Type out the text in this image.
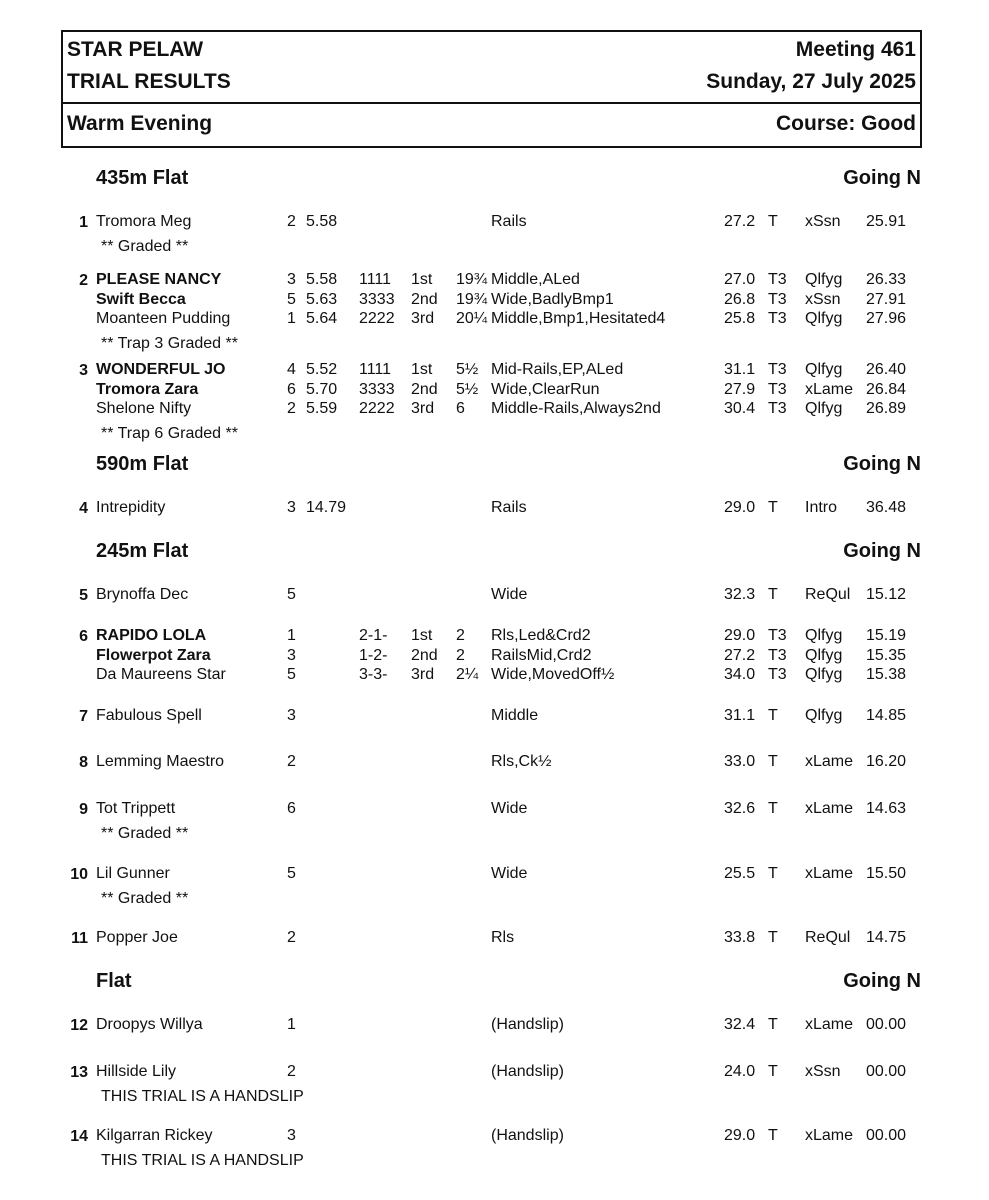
STAR PELAW	Meeting 461
TRIAL RESULTS	Sunday, 27 July 2025
Warm Evening	Course: Good
435m Flat	Going N
590m Flat	Going N
245m Flat	Going N
Flat	Going N
1 Tromora Meg	2 5.58	Rails	27.2 T xSsn 25.91
** Graded **
2 PLEASE NANCY	3 5.58 1111 1st 19¾ Middle,ALed	27.0 T3 Qlfyg 26.33
Swift Becca	5 5.63 3333 2nd 19¾ Wide,BadlyBmp1	26.8 T3 xSsn 27.91
Moanteen Pudding	1 5.64 2222 3rd 20¼ Middle,Bmp1,Hesitated4	25.8 T3 Qlfyg 27.96
** Trap 3 Graded **
3 WONDERFUL JO	4 5.52 1111 1st 5½ Mid-Rails,EP,ALed	31.1 T3 Qlfyg 26.40
Tromora Zara	6 5.70 3333 2nd 5½ Wide,ClearRun	27.9 T3 xLame 26.84
Shelone Nifty	2 5.59 2222 3rd 6 Middle-Rails,Always2nd	30.4 T3 Qlfyg 26.89
** Trap 6 Graded **
4 Intrepidity	3 14.79	Rails	29.0 T Intro 36.48
5 Brynoffa Dec	5	Wide	32.3 T ReQul 15.12
6 RAPIDO LOLA	1	2-1- 1st 2 Rls,Led&Crd2	29.0 T3 Qlfyg 15.19
Flowerpot Zara	3	1-2- 2nd 2 RailsMid,Crd2	27.2 T3 Qlfyg 15.35
Da Maureens Star	5	3-3- 3rd 2¼ Wide,MovedOff½	34.0 T3 Qlfyg 15.38
7 Fabulous Spell	3	Middle	31.1 T Qlfyg 14.85
8 Lemming Maestro	2	Rls,Ck½	33.0 T xLame 16.20
9 Tot Trippett	6	Wide	32.6 T xLame 14.63
** Graded **
10 Lil Gunner	5	Wide	25.5 T xLame 15.50
** Graded **
11 Popper Joe	2	Rls	33.8 T ReQul 14.75
12 Droopys Willya	1	(Handslip)	32.4 T xLame 00.00
13 Hillside Lily	2	(Handslip)	24.0 T xSsn 00.00
THIS TRIAL IS A HANDSLIP
14 Kilgarran Rickey	3	(Handslip)	29.0 T xLame 00.00
THIS TRIAL IS A HANDSLIP
